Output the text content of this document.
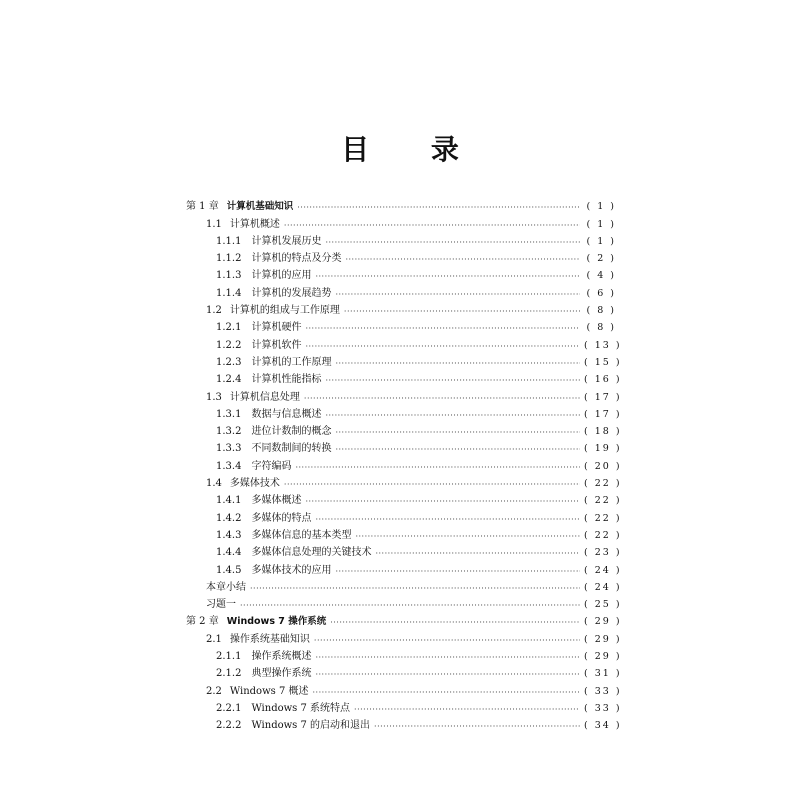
目 录
第 1 章 计算机基础知识 ·····	( 1 )
1.1 计算机概述 ·····	( 1 )
1.1.1 计算机发展历史 ·····	( 1 )
1.1.2 计算机的特点及分类 ·····	( 2 )
1.1.3 计算机的应用 ·····	( 4 )
1.1.4 计算机的发展趋势 ·····	( 6 )
1.2 计算机的组成与工作原理 ·····	( 8 )
1.2.1 计算机硬件 ·····	( 8 )
1.2.2 计算机软件 ·····	( 13 )
1.2.3 计算机的工作原理 ·····	( 15 )
1.2.4 计算机性能指标 ·····	( 16 )
1.3 计算机信息处理 ·····	( 17 )
1.3.1 数据与信息概述 ·····	( 17 )
1.3.2 进位计数制的概念 ·····	( 18 )
1.3.3 不同数制间的转换 ·····	( 19 )
1.3.4 字符编码 ·····	( 20 )
1.4 多媒体技术 ·····	( 22 )
1.4.1 多媒体概述 ·····	( 22 )
1.4.2 多媒体的特点 ·····	( 22 )
1.4.3 多媒体信息的基本类型 ·····	( 22 )
1.4.4 多媒体信息处理的关键技术 ·····	( 23 )
1.4.5 多媒体技术的应用 ·····	( 24 )
本章小结 ·····	( 24 )
习题一 ·····	( 25 )
第 2 章 Windows 7 操作系统 ·····	( 29 )
2.1 操作系统基础知识 ·····	( 29 )
2.1.1 操作系统概述 ·····	( 29 )
2.1.2 典型操作系统 ·····	( 31 )
2.2 Windows 7 概述 ·····	( 33 )
2.2.1 Windows 7 系统特点 ·····	( 33 )
2.2.2 Windows 7 的启动和退出 ·····	( 34 )
